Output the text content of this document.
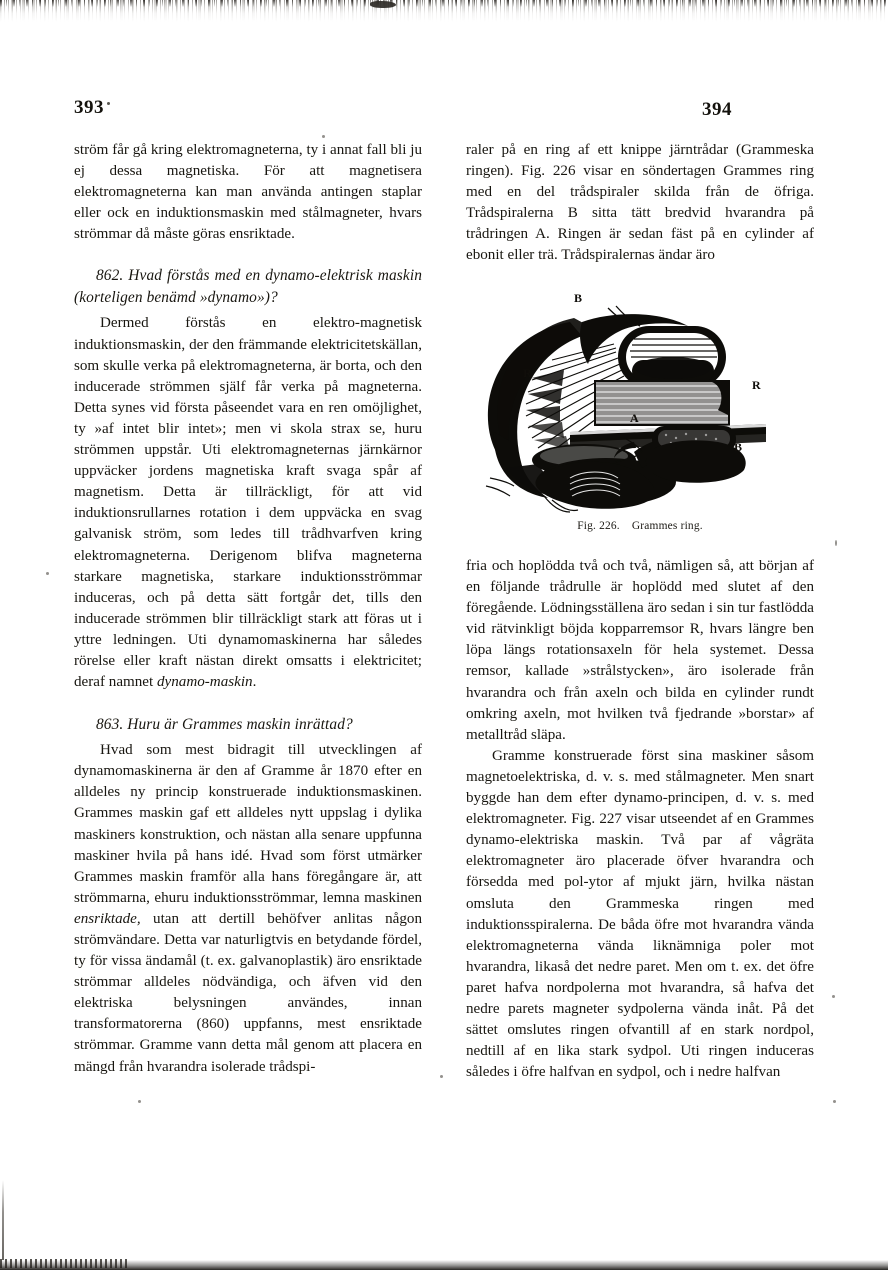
393	394

ström får gå kring elektromagneterna, ty i annat fall bli ju ej dessa magnetiska. För att magnetisera elektromagneterna kan man använda antingen staplar eller ock en induktionsmaskin med stålmagneter, hvars strömmar då måste göras ensriktade.

862. Hvad förstås med en dynamo-elektrisk maskin (korteligen benämd »dynamo»)?

Dermed förstås en elektro-magnetisk induktionsmaskin, der den främmande elektricitetskällan, som skulle verka på elektromagneterna, är borta, och den inducerade strömmen själf får verka på magneterna. Detta synes vid första påseendet vara en ren omöjlighet, ty »af intet blir intet»; men vi skola strax se, huru strömmen uppstår. Uti elektromagneternas järnkärnor uppväcker jordens magnetiska kraft svaga spår af magnetism. Detta är tillräckligt, för att vid induktionsrullarnes rotation i dem uppväcka en svag galvanisk ström, som ledes till trådhvarfven kring elektromagneterna. Derigenom blifva magneterna starkare magnetiska, starkare induktionsströmmar induceras, och på detta sätt fortgår det, tills den inducerade strömmen blir tillräckligt stark att föras ut i yttre ledningen. Uti dynamomaskinerna har således rörelse eller kraft nästan direkt omsatts i elektricitet; deraf namnet dynamo-maskin.

863. Huru är Grammes maskin inrättad?

Hvad som mest bidragit till utvecklingen af dynamomaskinerna är den af Gramme år 1870 efter en alldeles ny princip konstruerade induktionsmaskinen. Grammes maskin gaf ett alldeles nytt uppslag i dylika maskiners konstruktion, och nästan alla senare uppfunna maskiner hvila på hans idé. Hvad som först utmärker Grammes maskin framför alla hans föregångare är, att strömmarna, ehuru induktionsströmmar, lemna maskinen ensriktade, utan att dertill behöfver anlitas någon strömvändare. Detta var naturligtvis en betydande fördel, ty för vissa ändamål (t. ex. galvanoplastik) äro ensriktade strömmar alldeles nödvändiga, och äfven vid den elektriska belysningen användes, innan transformatorerna (860) uppfanns, mest ensriktade strömmar. Gramme vann detta mål genom att placera en mängd från hvarandra isolerade trådspi-

raler på en ring af ett knippe järntrådar (Grammeska ringen). Fig. 226 visar en söndertagen Grammes ring med en del trådspiraler skilda från de öfriga. Trådspiralerna B sitta tätt bredvid hvarandra på trådringen A. Ringen är sedan fäst på en cylinder af ebonit eller trä. Trådspiralernas ändar äro

B
R
R
A
B
Fig. 226. Grammes ring.

fria och hoplödda två och två, nämligen så, att början af en följande trådrulle är hoplödd med slutet af den föregående. Lödningsställena äro sedan i sin tur fastlödda vid rätvinkligt böjda kopparremsor R, hvars längre ben löpa längs rotationsaxeln för hela systemet. Dessa remsor, kallade »strålstycken», äro isolerade från hvarandra och från axeln och bilda en cylinder rundt omkring axeln, mot hvilken två fjedrande »borstar» af metalltråd släpa.

Gramme konstruerade först sina maskiner såsom magnetoelektriska, d. v. s. med stålmagneter. Men snart byggde han dem efter dynamo-principen, d. v. s. med elektromagneter. Fig. 227 visar utseendet af en Grammes dynamo-elektriska maskin. Två par af vågräta elektromagneter äro placerade öfver hvarandra och försedda med pol-ytor af mjukt järn, hvilka nästan omsluta den Grammeska ringen med induktionsspiralerna. De båda öfre mot hvarandra vända elektromagneterna vända liknämniga poler mot hvarandra, likaså det nedre paret. Men om t. ex. det öfre paret hafva nordpolerna mot hvarandra, så hafva det nedre parets magneter sydpolerna vända inåt. På det sättet omslutes ringen ofvantill af en stark nordpol, nedtill af en lika stark sydpol. Uti ringen induceras således i öfre halfvan en sydpol, och i nedre halfvan
